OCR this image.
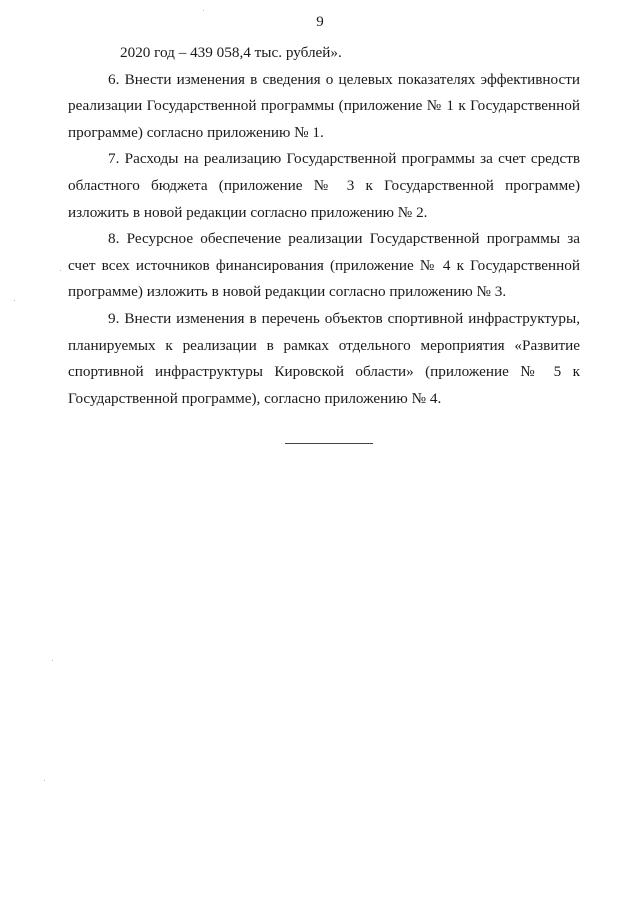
9

2020 год – 439 058,4 тыс. рублей».

6. Внести изменения в сведения о целевых показателях эффективности реализации Государственной программы (приложение № 1 к Государственной программе) согласно приложению № 1.

7. Расходы на реализацию Государственной программы за счет средств областного бюджета (приложение № 3 к Государственной программе) изложить в новой редакции согласно приложению № 2.

8. Ресурсное обеспечение реализации Государственной программы за счет всех источников финансирования (приложение № 4 к Государственной программе) изложить в новой редакции согласно приложению № 3.

9. Внести изменения в перечень объектов спортивной инфраструктуры, планируемых к реализации в рамках отдельного мероприятия «Развитие спортивной инфраструктуры Кировской области» (приложение № 5 к Государственной программе), согласно приложению № 4.
